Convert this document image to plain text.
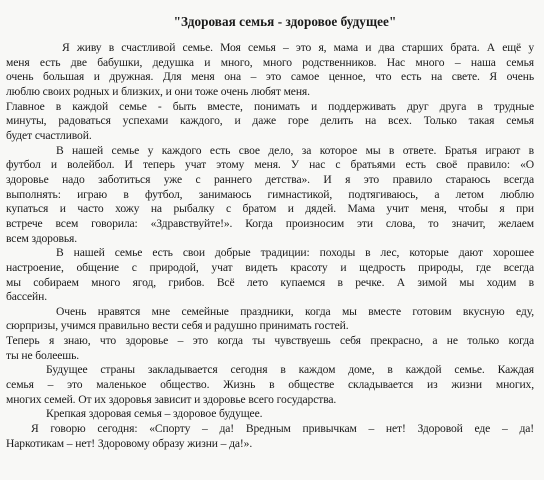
"Здоровая семья - здоровое будущее"
Я живу в счастливой семье. Моя семья – это я, мама и два старших брата. А ещё у
меня есть две бабушки, дедушка и много, много родственников. Нас много – наша семья
очень большая и дружная. Для меня она – это самое ценное, что есть на свете. Я очень
люблю своих родных и близких, и они тоже очень любят меня.
Главное в каждой семье - быть вместе, понимать и поддерживать друг друга в трудные
минуты, радоваться успехами каждого, и даже горе делить на всех. Только такая семья
будет счастливой.
В нашей семье у каждого есть свое дело, за которое мы в ответе. Братья играют в
футбол и волейбол. И теперь учат этому меня. У нас с братьями есть своё правило: «О
здоровье надо заботиться уже с раннего детства». И я это правило стараюсь всегда
выполнять: играю в футбол, занимаюсь гимнастикой, подтягиваюсь, а летом люблю
купаться и часто хожу на рыбалку с братом и дядей. Мама учит меня, чтобы я при
встрече всем говорила: «Здравствуйте!». Когда произносим эти слова, то значит, желаем
всем здоровья.
В нашей семье есть свои добрые традиции: походы в лес, которые дают хорошее
настроение, общение с природой, учат видеть красоту и щедрость природы, где всегда
мы собираем много ягод, грибов. Всё лето купаемся в речке. А зимой мы ходим в
бассейн.
Очень нравятся мне семейные праздники, когда мы вместе готовим вкусную еду,
сюрпризы, учимся правильно вести себя и радушно принимать гостей.
Теперь я знаю, что здоровье – это когда ты чувствуешь себя прекрасно, а не только когда
ты не болеешь.
Будущее страны закладывается сегодня в каждом доме, в каждой семье. Каждая
семья – это маленькое общество. Жизнь в обществе складывается из жизни многих,
многих семей. От их здоровья зависит и здоровье всего государства.
Крепкая здоровая семья – здоровое будущее.
Я говорю сегодня: «Спорту – да! Вредным привычкам – нет! Здоровой еде – да!
Наркотикам – нет! Здоровому образу жизни – да!».
